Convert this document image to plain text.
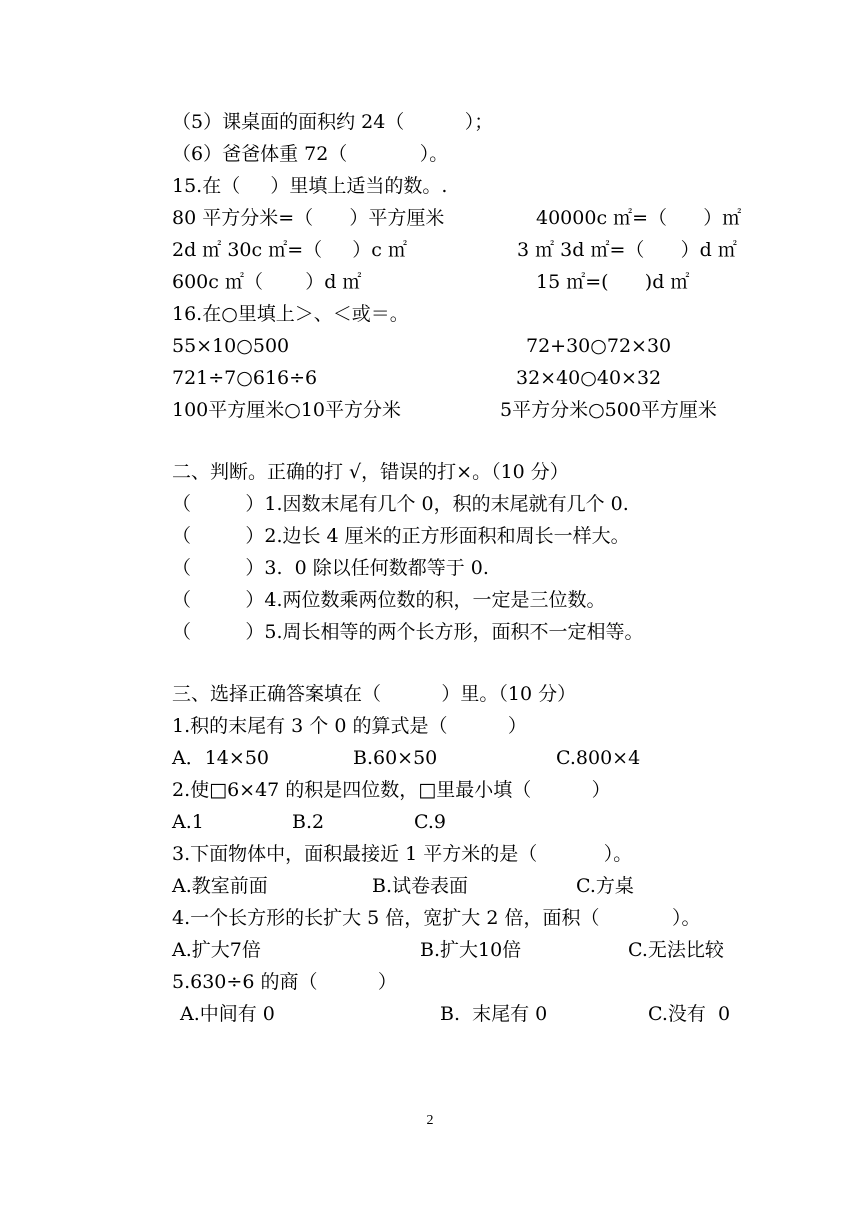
（5）课桌面的面积约 24（          ）；
（6）爸爸体重 72（            ）。
15.在（     ）里填上适当的数。.
80 平方分米=（      ）平方厘米	40000c ㎡=（      ）㎡
2d ㎡ 30c ㎡=（     ）c ㎡	3 ㎡ 3d ㎡=（      ）d ㎡
600c ㎡（       ）d ㎡	15 ㎡=(      )d ㎡
16.在○里填上＞、＜或＝。
55×10○500	72+30○72×30
721÷7○616÷6	32×40○40×32
100平方厘米○10平方分米	5平方分米○500平方厘米
二、判断。正确的打 √，错误的打×。（10 分）
（         ）1.因数末尾有几个 0，积的末尾就有几个 0.
（         ）2.边长 4 厘米的正方形面积和周长一样大。
（         ）3.  0 除以任何数都等于 0.
（         ）4.两位数乘两位数的积，一定是三位数。
（         ）5.周长相等的两个长方形，面积不一定相等。
三、选择正确答案填在（          ）里。（10 分）
1.积的末尾有 3 个 0 的算式是（          ）
A．14×50	B.60×50	C.800×4
2.使□6×47 的积是四位数，□里最小填（          ）
A.1	B.2	C.9
3.下面物体中，面积最接近 1 平方米的是（           ）。
A.教室前面	B.试卷表面	C.方桌
4.一个长方形的长扩大 5 倍，宽扩大 2 倍，面积（            ）。
A.扩大7倍	B.扩大10倍	C.无法比较
5.630÷6 的商（          ）
A.中间有 0	B.  末尾有 0	C.没有  0
2
